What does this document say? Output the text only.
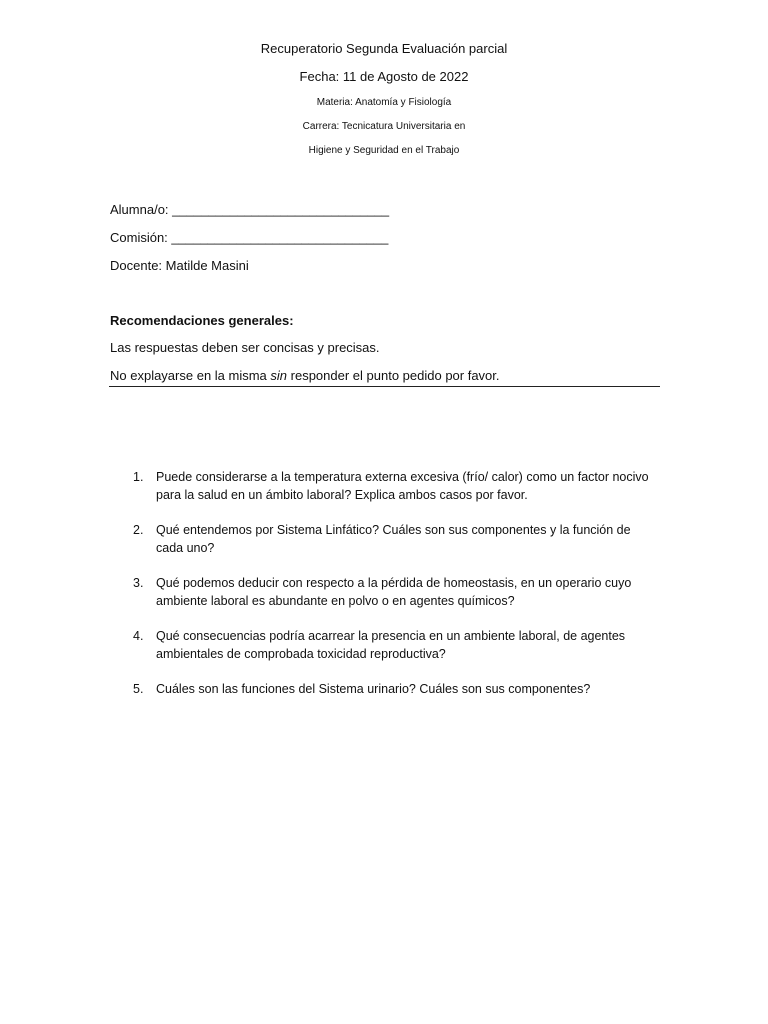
Recuperatorio Segunda Evaluación parcial
Fecha: 11 de Agosto de 2022
Materia: Anatomía y Fisiología
Carrera: Tecnicatura Universitaria en
Higiene y Seguridad en el Trabajo
Alumna/o: ______________________________
Comisión: ______________________________
Docente: Matilde Masini
Recomendaciones generales:
Las respuestas deben ser concisas y precisas.
No explayarse en la misma sin responder el punto pedido por favor.
1. Puede considerarse a la temperatura externa excesiva (frío/ calor) como un factor nocivo para la salud en un ámbito laboral? Explica ambos casos por favor.
2. Qué entendemos por Sistema Linfático? Cuáles son sus componentes y la función de cada uno?
3. Qué podemos deducir con respecto a la pérdida de homeostasis, en un operario cuyo ambiente laboral es abundante en polvo o en agentes químicos?
4. Qué consecuencias podría acarrear la presencia en un ambiente laboral, de agentes ambientales de comprobada toxicidad reproductiva?
5. Cuáles son las funciones del Sistema urinario? Cuáles son sus componentes?
